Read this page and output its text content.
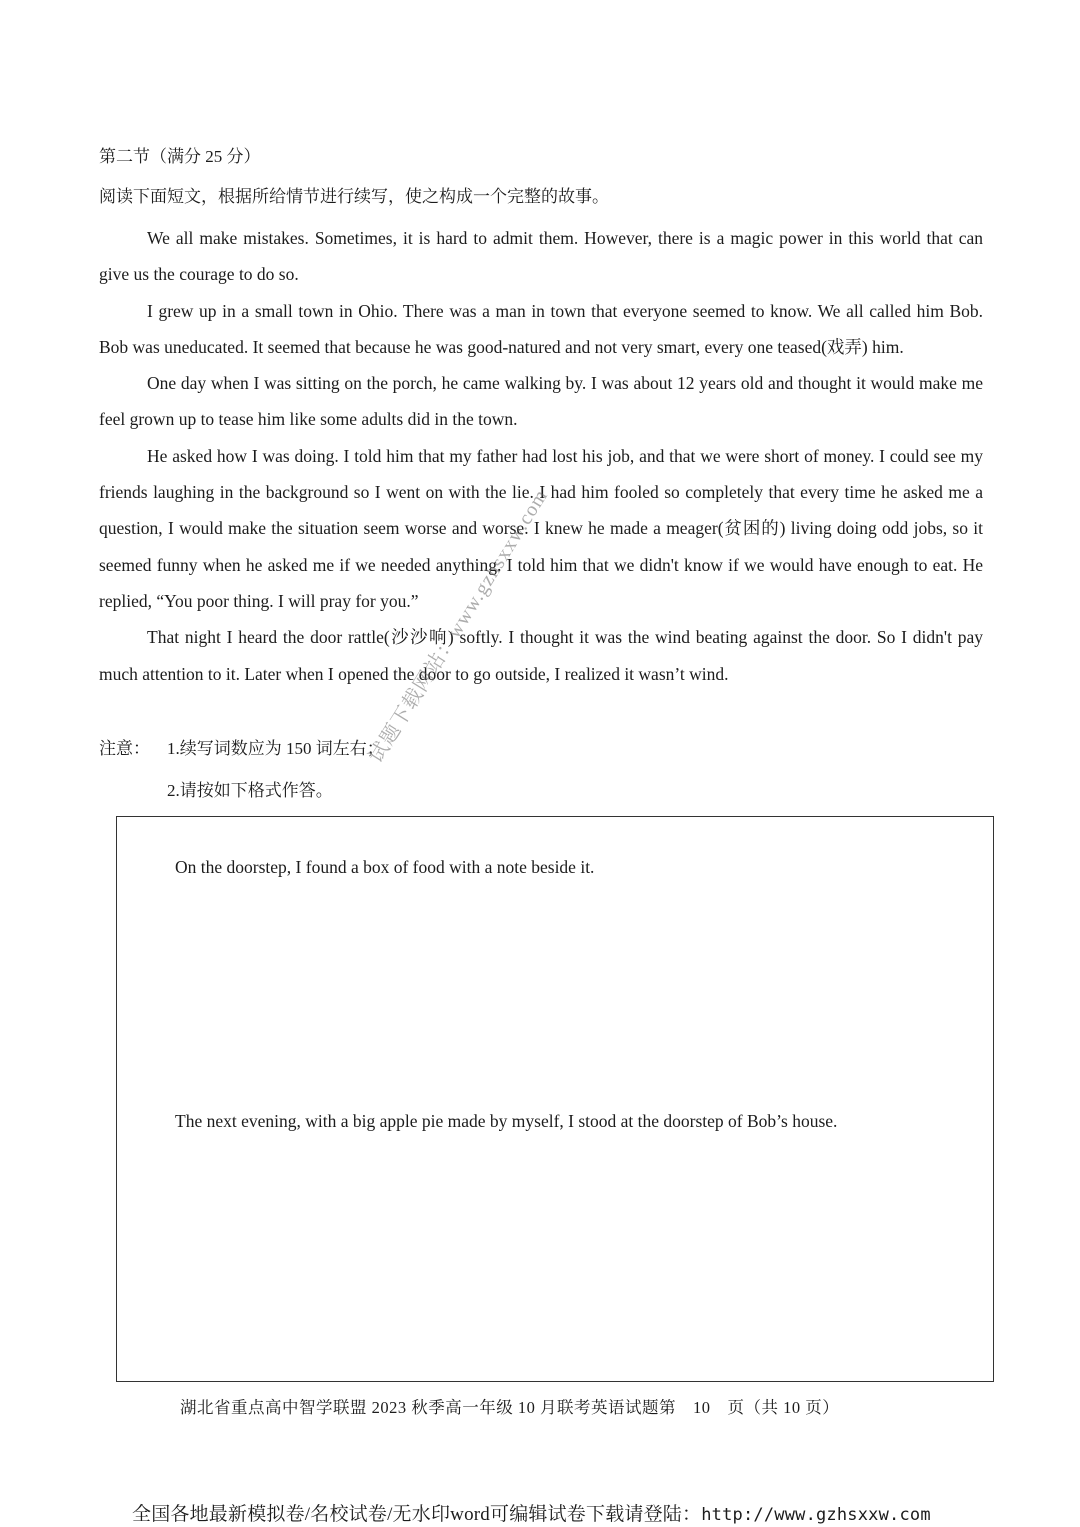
第二节（满分 25 分）
阅读下面短文，根据所给情节进行续写，使之构成一个完整的故事。

We all make mistakes. Sometimes, it is hard to admit them. However, there is a magic power in this world that can give us the courage to do so.

I grew up in a small town in Ohio. There was a man in town that everyone seemed to know. We all called him Bob. Bob was uneducated. It seemed that because he was good-natured and not very smart, every one teased(戏弄) him.

One day when I was sitting on the porch, he came walking by. I was about 12 years old and thought it would make me feel grown up to tease him like some adults did in the town.

He asked how I was doing. I told him that my father had lost his job, and that we were short of money. I could see my friends laughing in the background so I went on with the lie. I had him fooled so completely that every time he asked me a question, I would make the situation seem worse and worse. I knew he made a meager(贫困的) living doing odd jobs, so it seemed funny when he asked me if we needed anything. I told him that we didn't know if we would have enough to eat. He replied, “You poor thing. I will pray for you.”

That night I heard the door rattle(沙沙响) softly. I thought it was the wind beating against the door. So I didn't pay much attention to it. Later when I opened the door to go outside, I realized it wasn’t wind.

注意： 1.续写词数应为 150 词左右；
2.请按如下格式作答。
On the doorstep, I found a box of food with a note beside it.
The next evening, with a big apple pie made by myself, I stood at the doorstep of Bob’s house.
试题下载网站：www.gzhsxxw.com
湖北省重点高中智学联盟 2023 秋季高一年级 10 月联考英语试题第　10　页（共 10 页）
全国各地最新模拟卷/名校试卷/无水印word可编辑试卷下载请登陆：http://www.gzhsxxw.com
